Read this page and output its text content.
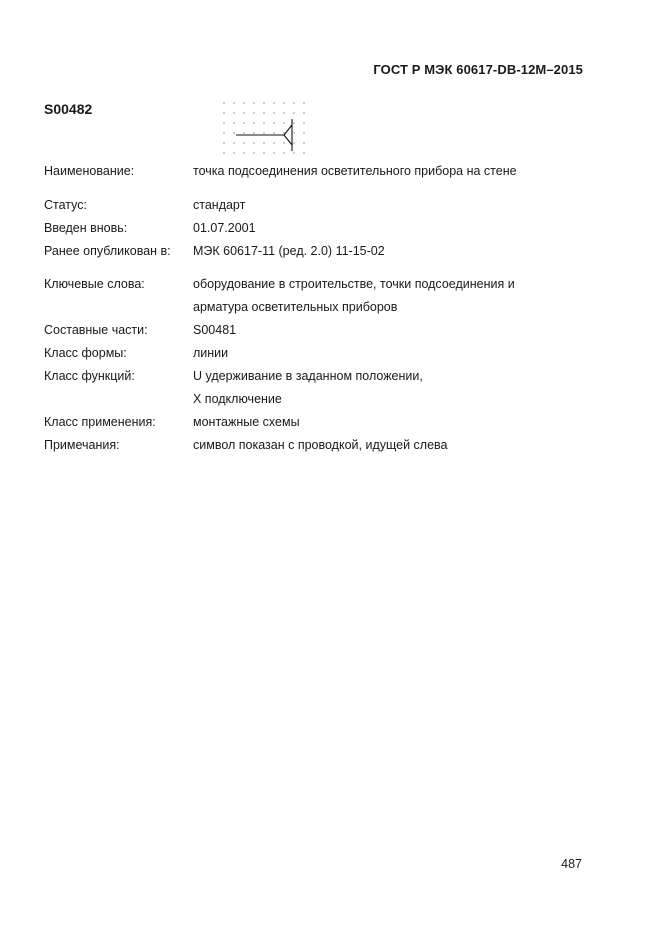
ГОСТ Р МЭК 60617-DB-12M–2015
S00482
Наименование:	точка подсоединения осветительного прибора на стене
Статус:	стандарт
Введен вновь:	01.07.2001
Ранее опубликован в: МЭК 60617-11 (ред. 2.0) 11-15-02
Ключевые слова:	оборудование в строительстве, точки подсоединения и
арматура осветительных приборов
Составные части:	S00481
Класс формы:	линии
Класс функций:	U удерживание в заданном положении,
X подключение
Класс применения:	монтажные схемы
Примечания:	символ показан с проводкой, идущей слева
487
